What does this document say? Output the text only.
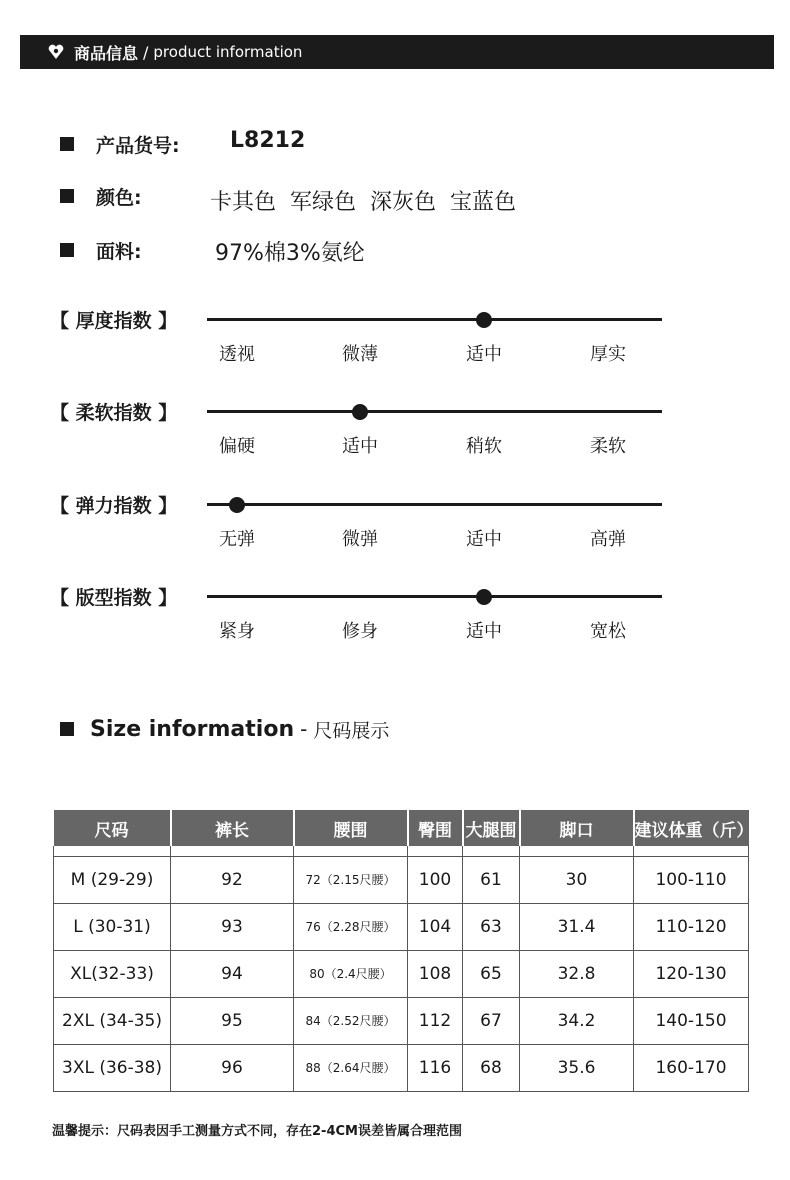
商品信息 / product information
产品货号: L8212
颜色:	卡其色  军绿色  深灰色  宝蓝色
面料:	97%棉3%氨纶
【 厚度指数 】
透视	微薄	适中	厚实
【 柔软指数 】
偏硬	适中	稍软	柔软
【 弹力指数 】
无弹	微弹	适中	高弹
【 版型指数 】
紧身	修身	适中	宽松
Size information - 尺码展示
尺码	裤长	腰围	臀围	大腿围	脚口	建议体重（斤）

M (29-29)	92	72（2.15尺腰）	100	61	30	100-110
L (30-31)	93	76（2.28尺腰）	104	63	31.4	110-120
XL(32-33)	94	80（2.4尺腰）	108	65	32.8	120-130
2XL (34-35)	95	84（2.52尺腰）	112	67	34.2	140-150
3XL (36-38)	96	88（2.64尺腰）	116	68	35.6	160-170
温馨提示：尺码表因手工测量方式不同，存在2-4CM误差皆属合理范围
